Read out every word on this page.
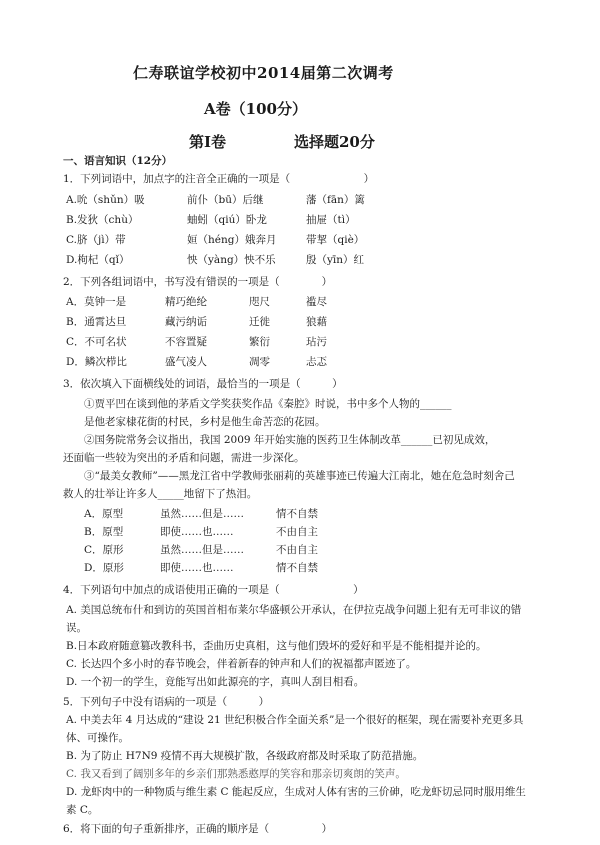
仁寿联谊学校初中2014届第二次调考
A卷（100分）
第Ⅰ卷	选择题20分
一、语言知识（12分）
1．下列词语中，加点字的注音全正确的一项是（　　　　　　　）
A.吮（shǔn）吸	前仆（bū）后继	藩（fān）篱
B.发狄（chù）	蚰蚓（qiú）卧龙	抽屉（tì）
C.脐（jì）带	姮（héng）娥奔月	带挈（qiè）
D.枸杞（qǐ）	怏（yàng）怏不乐	殷（yīn）红
2．下列各组词语中，书写没有错误的一项是（　　　　）
A．莫钟一是	精巧绝纶	咫尺	褴尽
B．通霄达旦	藏污纳诟	迁徙	狼藉
C．不可名状	不容置疑	繁衍	玷污
D．鳞次栉比	盛气凌人	凋零	忐忑
3．依次填入下面横线处的词语，最恰当的一项是（　　　）
①贾平凹在谈到他的茅盾文学奖获奖作品《秦腔》时说，书中多个人物的______
是他老家棣花街的村民，乡村是他生命苦恋的花园。
②国务院常务会议指出，我国 2009 年开始实施的医药卫生体制改革______已初见成效，
还面临一些较为突出的矛盾和问题，需进一步深化。
③“最美女教师”——黑龙江省中学教师张丽莉的英雄事迹已传遍大江南北，她在危急时刻舍己
救人的壮举让许多人_____地留下了热泪。
A．原型	虽然……但是……	情不自禁
B．原型	即使……也……	不由自主
C．原形	虽然……但是……	不由自主
D．原形	即使……也……	情不自禁
4．下列语句中加点的成语使用正确的一项是（　　　　　　　）
A. 美国总统布什和到访的英国首相布莱尔华盛顿公开承认，在伊拉克战争问题上犯有无可非议的错
误。
B.日本政府随意篡改教科书，歪曲历史真相，这与他们毁坏的爱好和平是不能相提并论的。
C. 长达四个多小时的春节晚会，伴着新春的钟声和人们的祝福都声匿迹了。
D. 一个初一的学生，竟能写出如此源亮的字，真叫人刮目相看。
5．下列句子中没有语病的一项是（　　　）
A. 中美去年 4 月达成的“建设 21 世纪积极合作全面关系”是一个很好的框架，现在需要补充更多具
体、可操作。
B. 为了防止 H7N9 疫情不再大规模扩散，各级政府都及时采取了防范措施。
C. 我又看到了阔别多年的乡亲们那熟悉憨厚的笑容和那亲切爽朗的笑声。
D. 龙虾肉中的一种物质与维生素 C 能起反应，生成对人体有害的三价砷，吃龙虾切忌同时服用维生
素 C。
6．将下面的句子重新排序，正确的顺序是（　　　　　）
